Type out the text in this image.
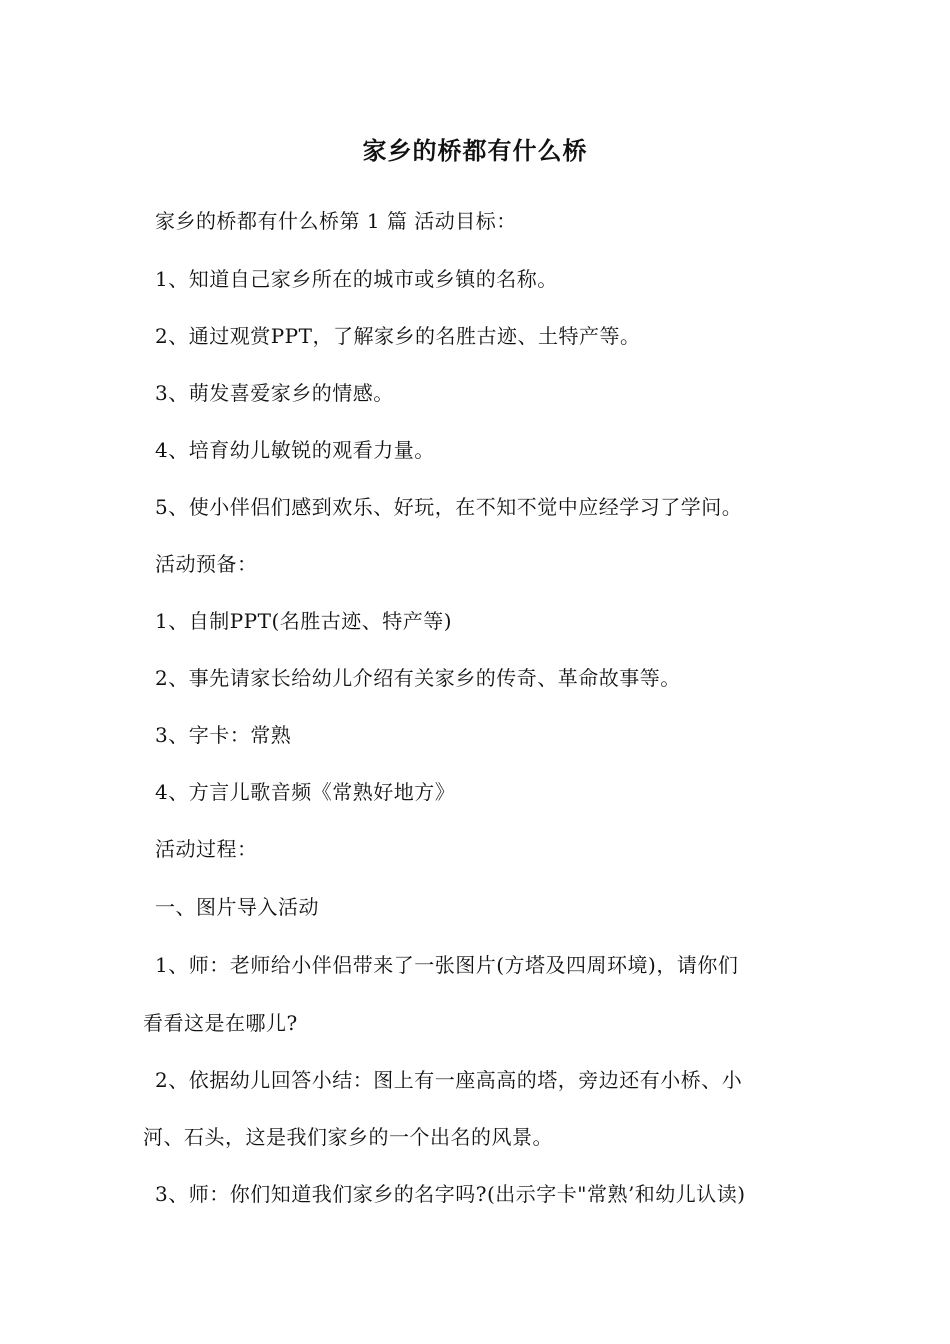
家乡的桥都有什么桥
家乡的桥都有什么桥第 1 篇 活动目标：
1、知道自己家乡所在的城市或乡镇的名称。
2、通过观赏PPT，了解家乡的名胜古迹、土特产等。
3、萌发喜爱家乡的情感。
4、培育幼儿敏锐的观看力量。
5、使小伴侣们感到欢乐、好玩，在不知不觉中应经学习了学问。
活动预备：
1、自制PPT(名胜古迹、特产等)
2、事先请家长给幼儿介绍有关家乡的传奇、革命故事等。
3、字卡：常熟
4、方言儿歌音频《常熟好地方》
活动过程：
一、图片导入活动
1、师：老师给小伴侣带来了一张图片(方塔及四周环境)，请你们
看看这是在哪儿?
2、依据幼儿回答小结：图上有一座高高的塔，旁边还有小桥、小
河、石头，这是我们家乡的一个出名的风景。
3、师：你们知道我们家乡的名字吗?(出示字卡"常熟’和幼儿认读)
